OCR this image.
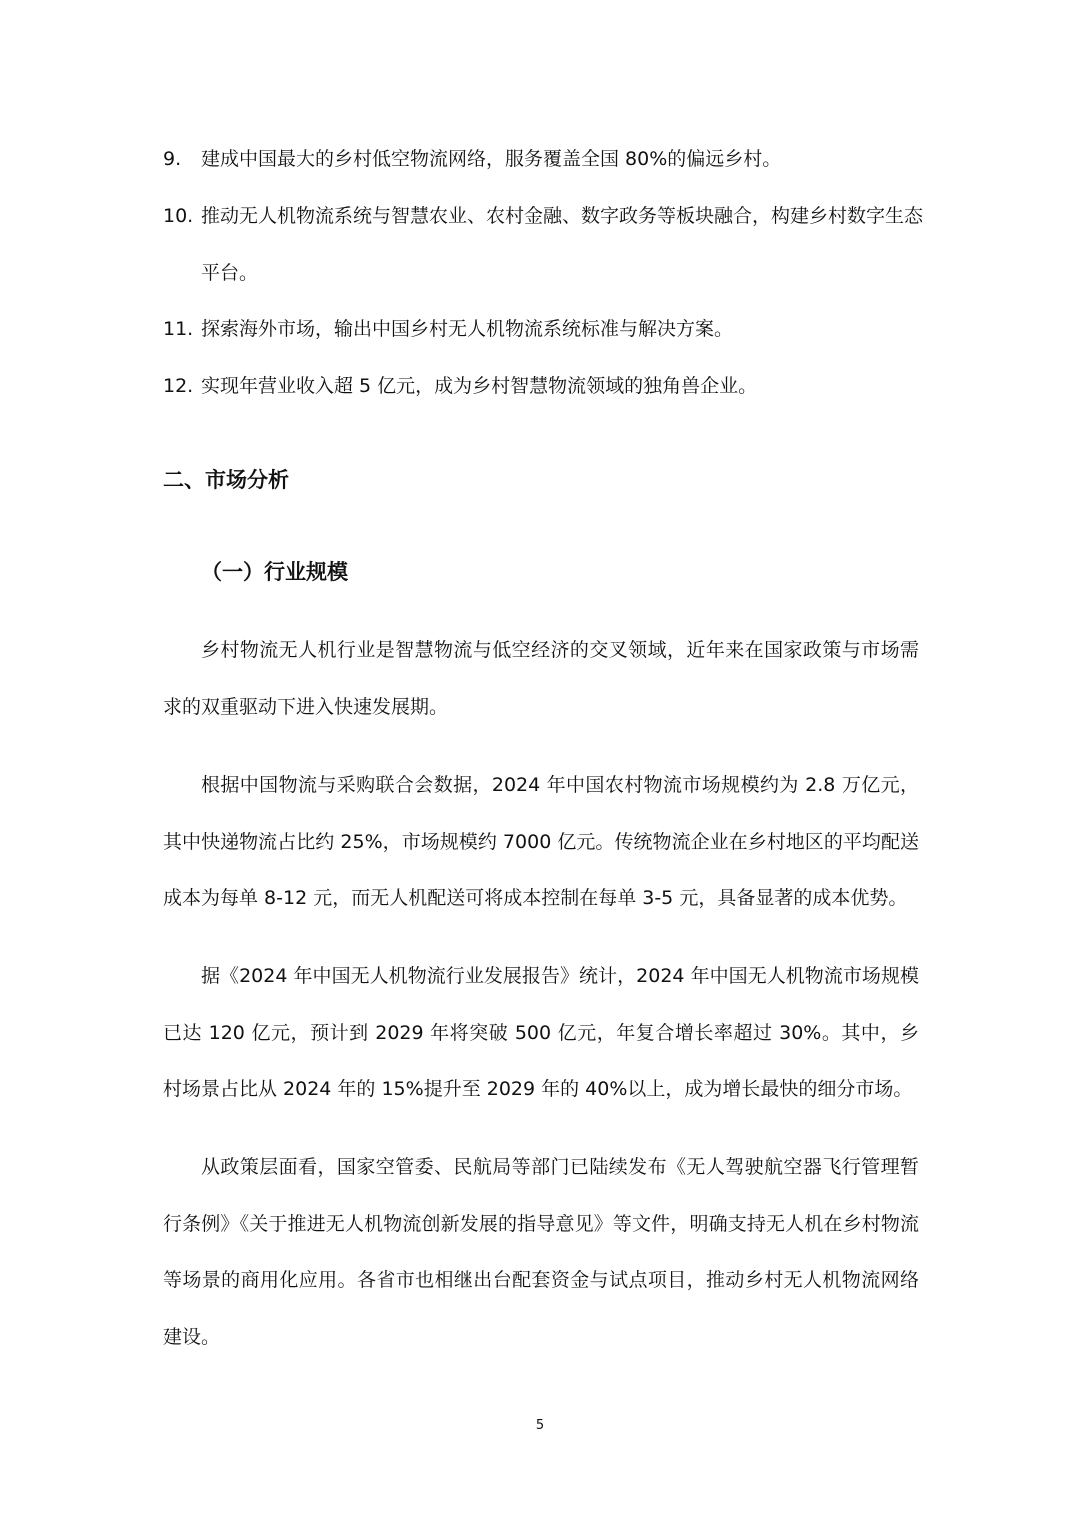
9. 建成中国最大的乡村低空物流网络，服务覆盖全国 80%的偏远乡村。
10. 推动无人机物流系统与智慧农业、农村金融、数字政务等板块融合，构建乡村数字生态平台。
11. 探索海外市场，输出中国乡村无人机物流系统标准与解决方案。
12. 实现年营业收入超 5 亿元，成为乡村智慧物流领域的独角兽企业。
二、市场分析
（一）行业规模

乡村物流无人机行业是智慧物流与低空经济的交叉领域，近年来在国家政策与市场需求的双重驱动下进入快速发展期。

根据中国物流与采购联合会数据，2024 年中国农村物流市场规模约为 2.8 万亿元，其中快递物流占比约 25%，市场规模约 7000 亿元。传统物流企业在乡村地区的平均配送成本为每单 8-12 元，而无人机配送可将成本控制在每单 3-5 元，具备显著的成本优势。

据《2024 年中国无人机物流行业发展报告》统计，2024 年中国无人机物流市场规模已达 120 亿元，预计到 2029 年将突破 500 亿元，年复合增长率超过 30%。其中，乡村场景占比从 2024 年的 15%提升至 2029 年的 40%以上，成为增长最快的细分市场。

从政策层面看，国家空管委、民航局等部门已陆续发布《无人驾驶航空器飞行管理暂行条例》《关于推进无人机物流创新发展的指导意见》等文件，明确支持无人机在乡村物流等场景的商用化应用。各省市也相继出台配套资金与试点项目，推动乡村无人机物流网络建设。

5
